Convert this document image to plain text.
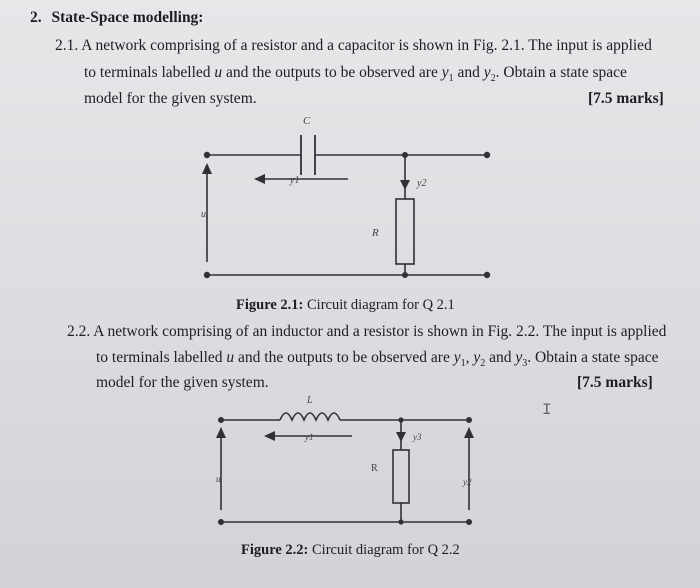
2. State-Space modelling:
2.1. A network comprising of a resistor and a capacitor is shown in Fig. 2.1. The input is applied
to terminals labelled u and the outputs to be observed are $y_1$ and $y_2$. Obtain a state space
model for the given system.	[7.5 marks]
C
y1	y2
u
R
Figure 2.1: Circuit diagram for Q 2.1
2.2. A network comprising of an inductor and a resistor is shown in Fig. 2.2. The input is applied
to terminals labelled u and the outputs to be observed are $y_1$, $y_2$ and $y_3$. Obtain a state space
model for the given system.	[7.5 marks]
L
y1	y3
u
R
y2
Figure 2.2: Circuit diagram for Q 2.2
I
